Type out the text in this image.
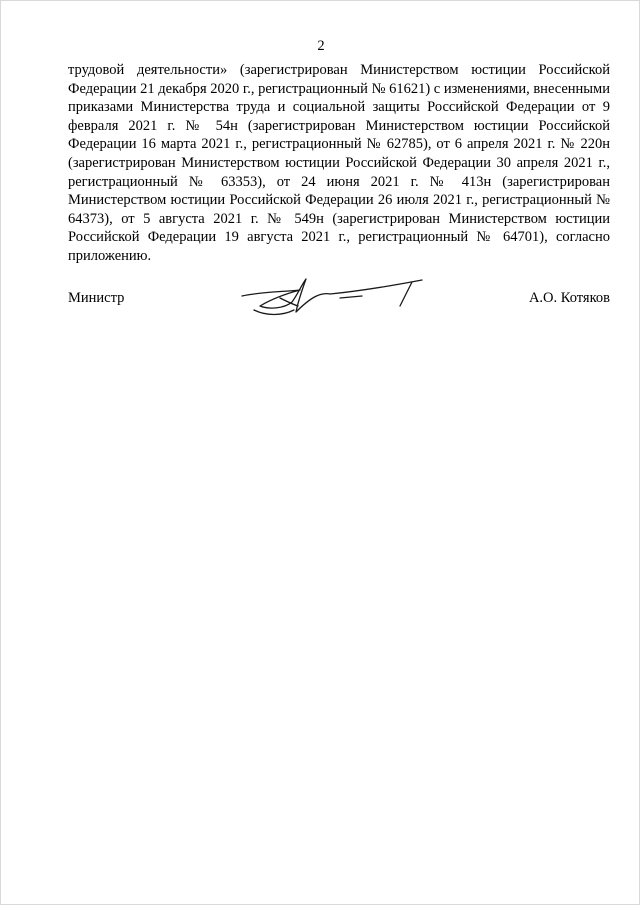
2

трудовой деятельности» (зарегистрирован Министерством юстиции Российской Федерации 21 декабря 2020 г., регистрационный № 61621) с изменениями, внесенными приказами Министерства труда и социальной защиты Российской Федерации от 9 февраля 2021 г. № 54н (зарегистрирован Министерством юстиции Российской Федерации 16 марта 2021 г., регистрационный № 62785), от 6 апреля 2021 г. № 220н (зарегистрирован Министерством юстиции Российской Федерации 30 апреля 2021 г., регистрационный № 63353), от 24 июня 2021 г. № 413н (зарегистрирован Министерством юстиции Российской Федерации 26 июля 2021 г., регистрационный № 64373), от 5 августа 2021 г. № 549н (зарегистрирован Министерством юстиции Российской Федерации 19 августа 2021 г., регистрационный № 64701), согласно приложению.

Министр	А.О. Котяков
